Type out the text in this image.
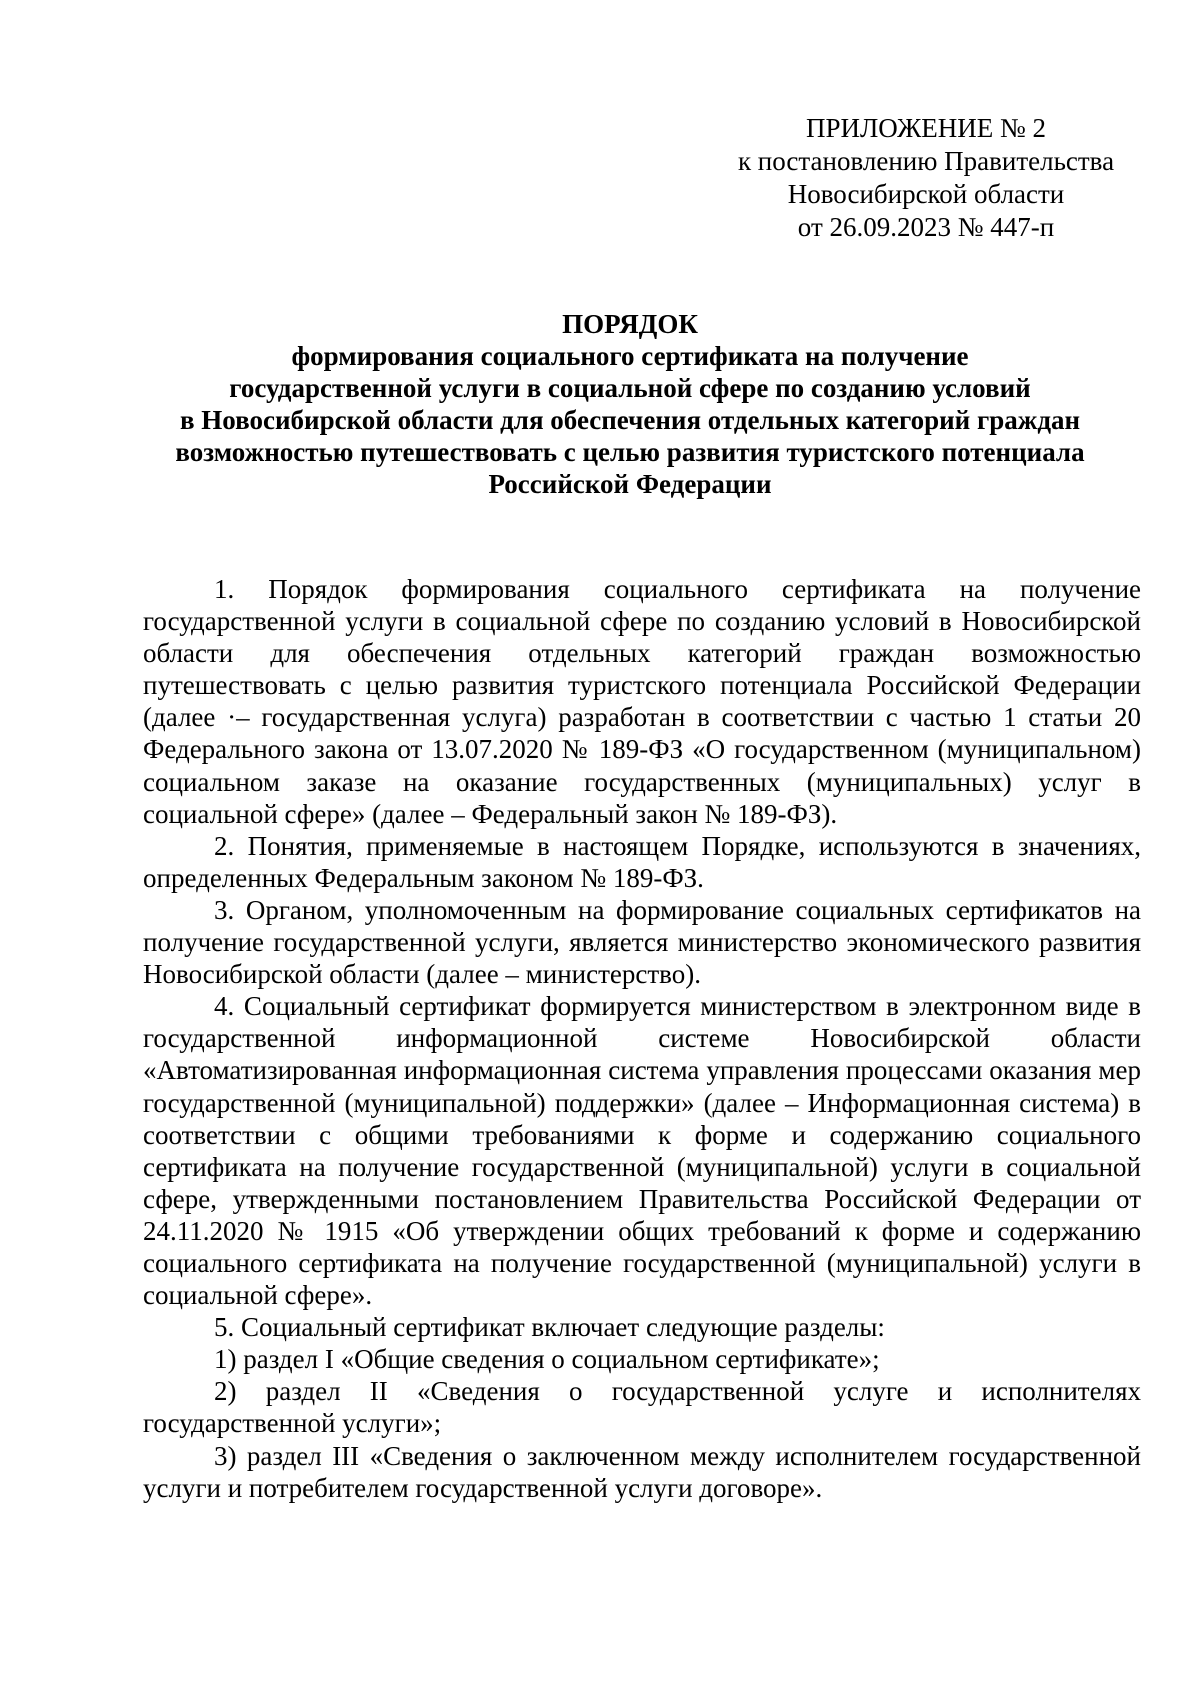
ПРИЛОЖЕНИЕ № 2
к постановлению Правительства
Новосибирской области
от 26.09.2023 № 447-п
ПОРЯДОК
формирования социального сертификата на получение
государственной услуги в социальной сфере по созданию условий
в Новосибирской области для обеспечения отдельных категорий граждан
возможностью путешествовать с целью развития туристского потенциала
Российской Федерации

1. Порядок формирования социального сертификата на получение государственной услуги в социальной сфере по созданию условий в Новосибирской области для обеспечения отдельных категорий граждан возможностью путешествовать с целью развития туристского потенциала Российской Федерации (далее ·– государственная услуга) разработан в соответствии с частью 1 статьи 20 Федерального закона от 13.07.2020 № 189-ФЗ «О государственном (муниципальном) социальном заказе на оказание государственных (муниципальных) услуг в социальной сфере» (далее – Федеральный закон № 189-ФЗ).

2. Понятия, применяемые в настоящем Порядке, используются в значениях, определенных Федеральным законом № 189-ФЗ.

3. Органом, уполномоченным на формирование социальных сертификатов на получение государственной услуги, является министерство экономического развития Новосибирской области (далее – министерство).

4. Социальный сертификат формируется министерством в электронном виде в государственной информационной системе Новосибирской области «Автоматизированная информационная система управления процессами оказания мер государственной (муниципальной) поддержки» (далее – Информационная система) в соответствии с общими требованиями к форме и содержанию социального сертификата на получение государственной (муниципальной) услуги в социальной сфере, утвержденными постановлением Правительства Российской Федерации от 24.11.2020 № 1915 «Об утверждении общих требований к форме и содержанию социального сертификата на получение государственной (муниципальной) услуги в социальной сфере».

5. Социальный сертификат включает следующие разделы:

1) раздел I «Общие сведения о социальном сертификате»;

2) раздел II «Сведения о государственной услуге и исполнителях государственной услуги»;

3) раздел III «Сведения о заключенном между исполнителем государственной услуги и потребителем государственной услуги договоре».
